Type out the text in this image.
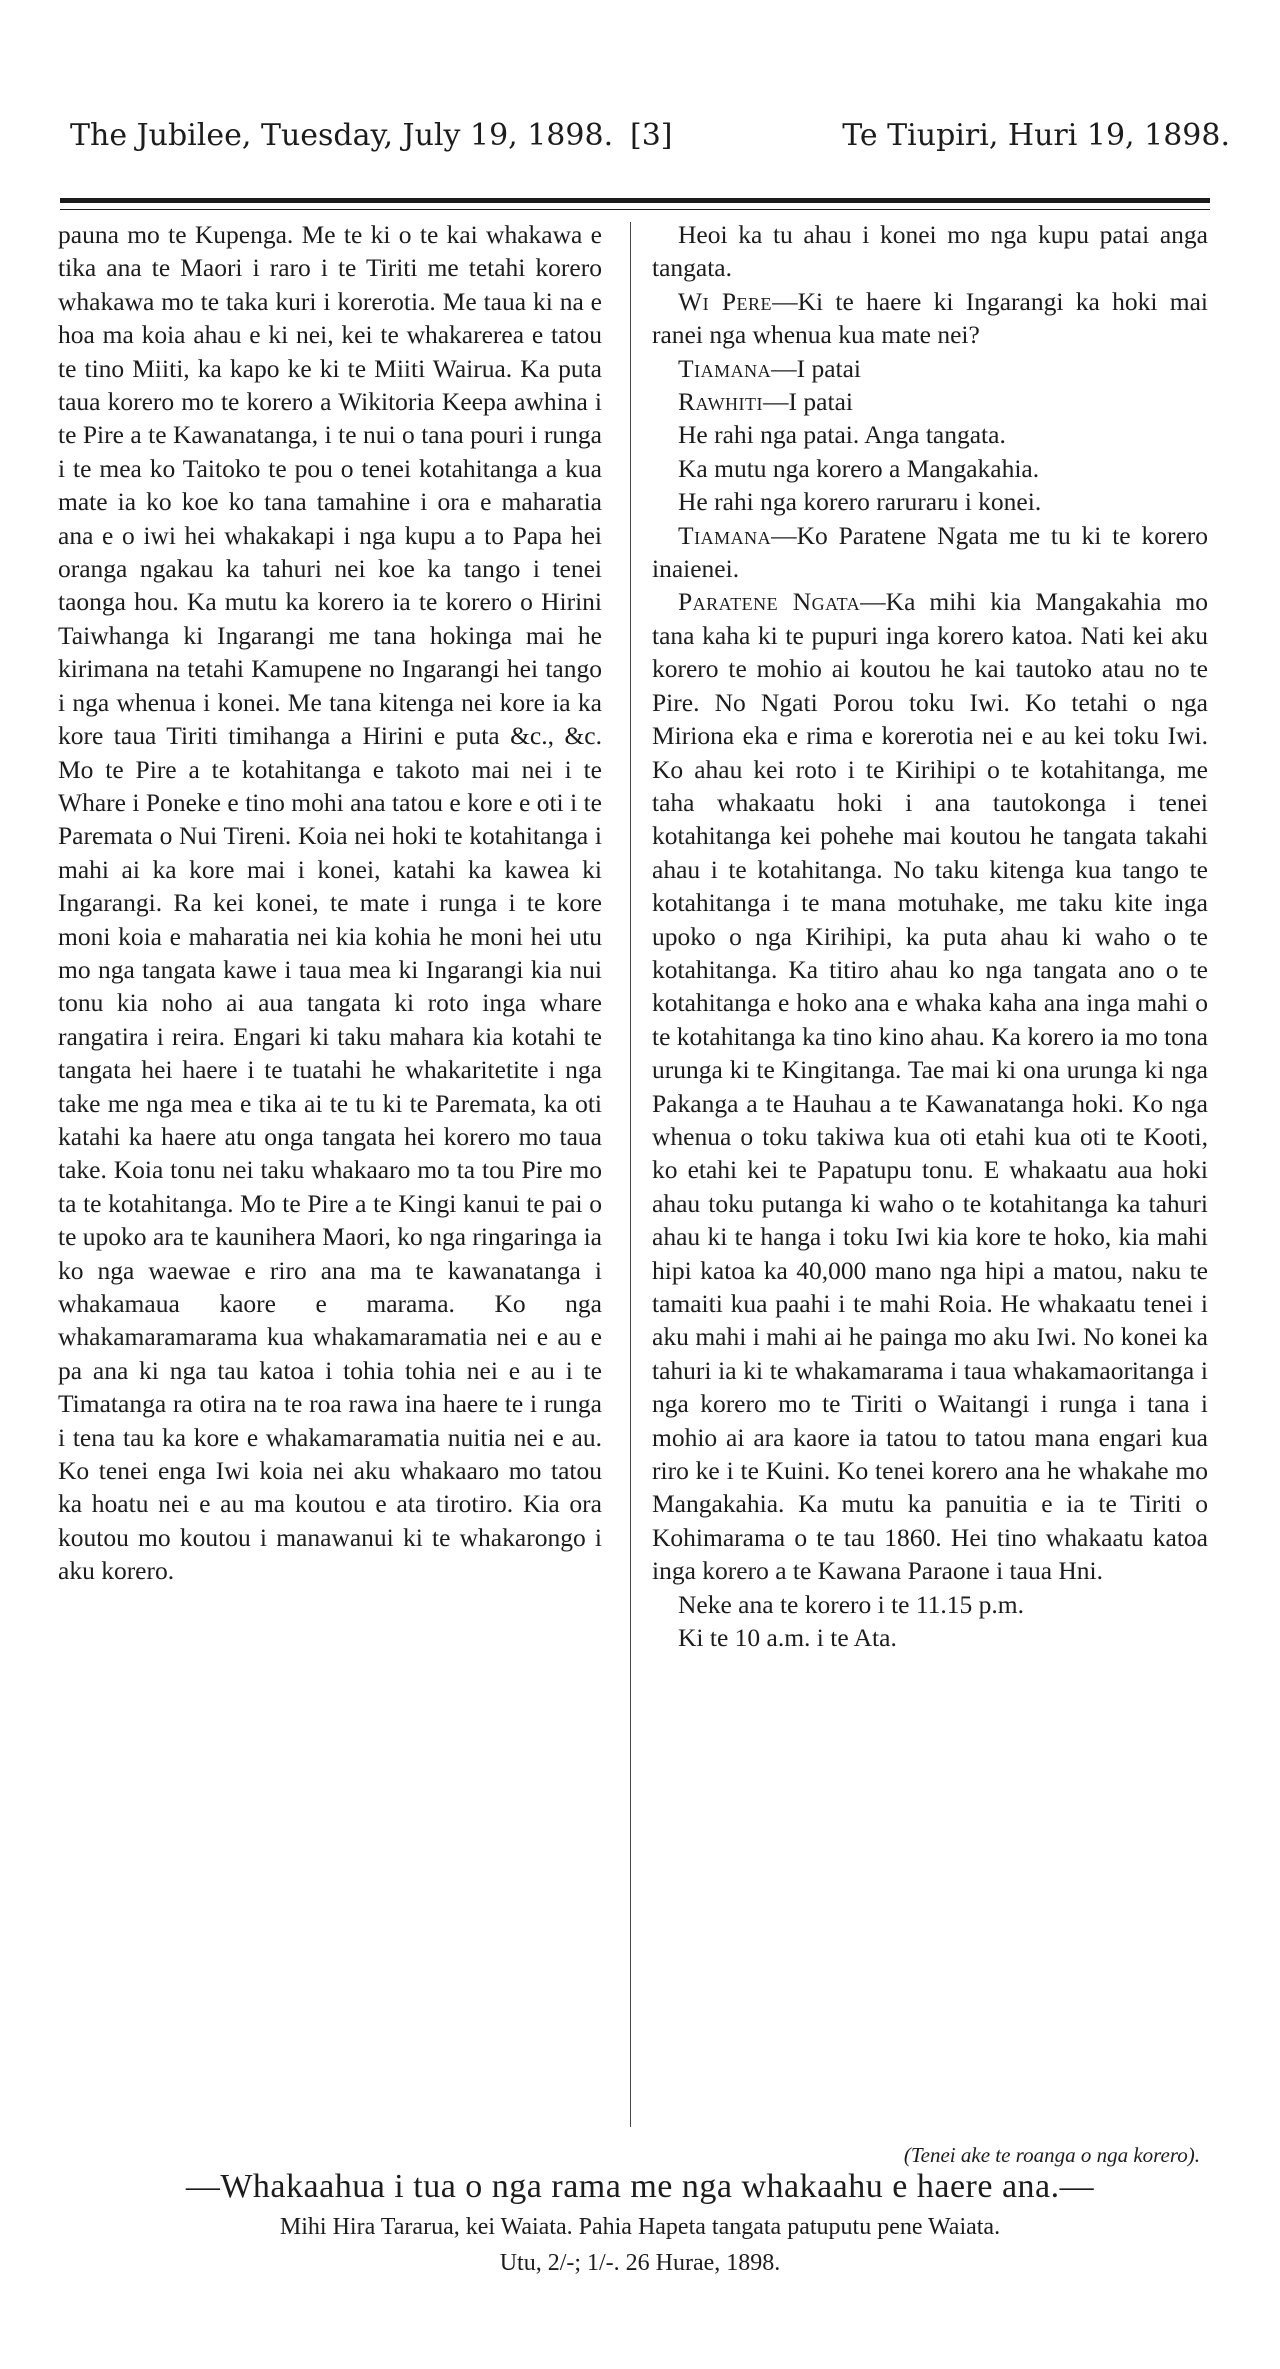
The Jubilee, Tuesday, July 19, 1898. [3]	Te Tiupiri, Huri 19, 1898.

pauna mo te Kupenga. Me te ki o te kai whakawa e tika ana te Maori i raro i te Tiriti me tetahi korero whakawa mo te taka kuri i korerotia. Me taua ki na e hoa ma koia ahau e ki nei, kei te whakarerea e tatou te tino Miiti, ka kapo ke ki te Miiti Wairua. Ka puta taua korero mo te korero a Wikitoria Keepa awhina i te Pire a te Kawanatanga, i te nui o tana pouri i runga i te mea ko Taitoko te pou o tenei kotahitanga a kua mate ia ko koe ko tana tamahine i ora e maharatia ana e o iwi hei whakakapi i nga kupu a to Papa hei oranga ngakau ka tahuri nei koe ka tango i tenei taonga hou. Ka mutu ka korero ia te korero o Hirini Taiwhanga ki Ingarangi me tana hokinga mai he kirimana na tetahi Kamupene no Ingarangi hei tango i nga whenua i konei. Me tana kitenga nei kore ia ka kore taua Tiriti timihanga a Hirini e puta &c., &c. Mo te Pire a te kotahitanga e takoto mai nei i te Whare i Poneke e tino mohi ana tatou e kore e oti i te Paremata o Nui Tireni. Koia nei hoki te kotahitanga i mahi ai ka kore mai i konei, katahi ka kawea ki Ingarangi. Ra kei konei, te mate i runga i te kore moni koia e maharatia nei kia kohia he moni hei utu mo nga tangata kawe i taua mea ki Ingarangi kia nui tonu kia noho ai aua tangata ki roto inga whare rangatira i reira. Engari ki taku mahara kia kotahi te tangata hei haere i te tuatahi he whakaritetite i nga take me nga mea e tika ai te tu ki te Paremata, ka oti katahi ka haere atu onga tangata hei korero mo taua take. Koia tonu nei taku whakaaro mo ta tou Pire mo ta te kotahitanga. Mo te Pire a te Kingi kanui te pai o te upoko ara te kaunihera Maori, ko nga ringaringa ia ko nga waewae e riro ana ma te kawanatanga i whakamaua kaore e marama. Ko nga whakamaramarama kua whakamaramatia nei e au e pa ana ki nga tau katoa i tohia tohia nei e au i te Timatanga ra otira na te roa rawa ina haere te i runga i tena tau ka kore e whakamaramatia nuitia nei e au. Ko tenei enga Iwi koia nei aku whakaaro mo tatou ka hoatu nei e au ma koutou e ata tirotiro. Kia ora koutou mo koutou i manawanui ki te whakarongo i aku korero.

Heoi ka tu ahau i konei mo nga kupu patai anga tangata.

Wi Pere—Ki te haere ki Ingarangi ka hoki mai ranei nga whenua kua mate nei?

Tiamana—I patai

Rawhiti—I patai

He rahi nga patai. Anga tangata.

Ka mutu nga korero a Mangakahia.

He rahi nga korero raruraru i konei.

Tiamana—Ko Paratene Ngata me tu ki te korero inaienei.

Paratene Ngata—Ka mihi kia Mangakahia mo tana kaha ki te pupuri inga korero katoa. Nati kei aku korero te mohio ai koutou he kai tautoko atau no te Pire. No Ngati Porou toku Iwi. Ko tetahi o nga Miriona eka e rima e korerotia nei e au kei toku Iwi. Ko ahau kei roto i te Kirihipi o te kotahitanga, me taha whakaatu hoki i ana tautokonga i tenei kotahitanga kei pohehe mai koutou he tangata takahi ahau i te kotahitanga. No taku kitenga kua tango te kotahitanga i te mana motuhake, me taku kite inga upoko o nga Kirihipi, ka puta ahau ki waho o te kotahitanga. Ka titiro ahau ko nga tangata ano o te kotahitanga e hoko ana e whaka kaha ana inga mahi o te kotahitanga ka tino kino ahau. Ka korero ia mo tona urunga ki te Kingitanga. Tae mai ki ona urunga ki nga Pakanga a te Hauhau a te Kawanatanga hoki. Ko nga whenua o toku takiwa kua oti etahi kua oti te Kooti, ko etahi kei te Papatupu tonu. E whakaatu aua hoki ahau toku putanga ki waho o te kotahitanga ka tahuri ahau ki te hanga i toku Iwi kia kore te hoko, kia mahi hipi katoa ka 40,000 mano nga hipi a matou, naku te tamaiti kua paahi i te mahi Roia. He whakaatu tenei i aku mahi i mahi ai he painga mo aku Iwi. No konei ka tahuri ia ki te whakamarama i taua whakamaoritanga i nga korero mo te Tiriti o Waitangi i runga i tana i mohio ai ara kaore ia tatou to tatou mana engari kua riro ke i te Kuini. Ko tenei korero ana he whakahe mo Mangakahia. Ka mutu ka panuitia e ia te Tiriti o Kohimarama o te tau 1860. Hei tino whakaatu katoa inga korero a te Kawana Paraone i taua Hni.

Neke ana te korero i te 11.15 p.m.

Ki te 10 a.m. i te Ata.

(Tenei ake te roanga o nga korero).
—Whakaahua i tua o nga rama me nga whakaahu e haere ana.—
Mihi Hira Tararua, kei Waiata. Pahia Hapeta tangata patuputu pene Waiata.
Utu, 2/-; 1/-. 26 Hurae, 1898.
